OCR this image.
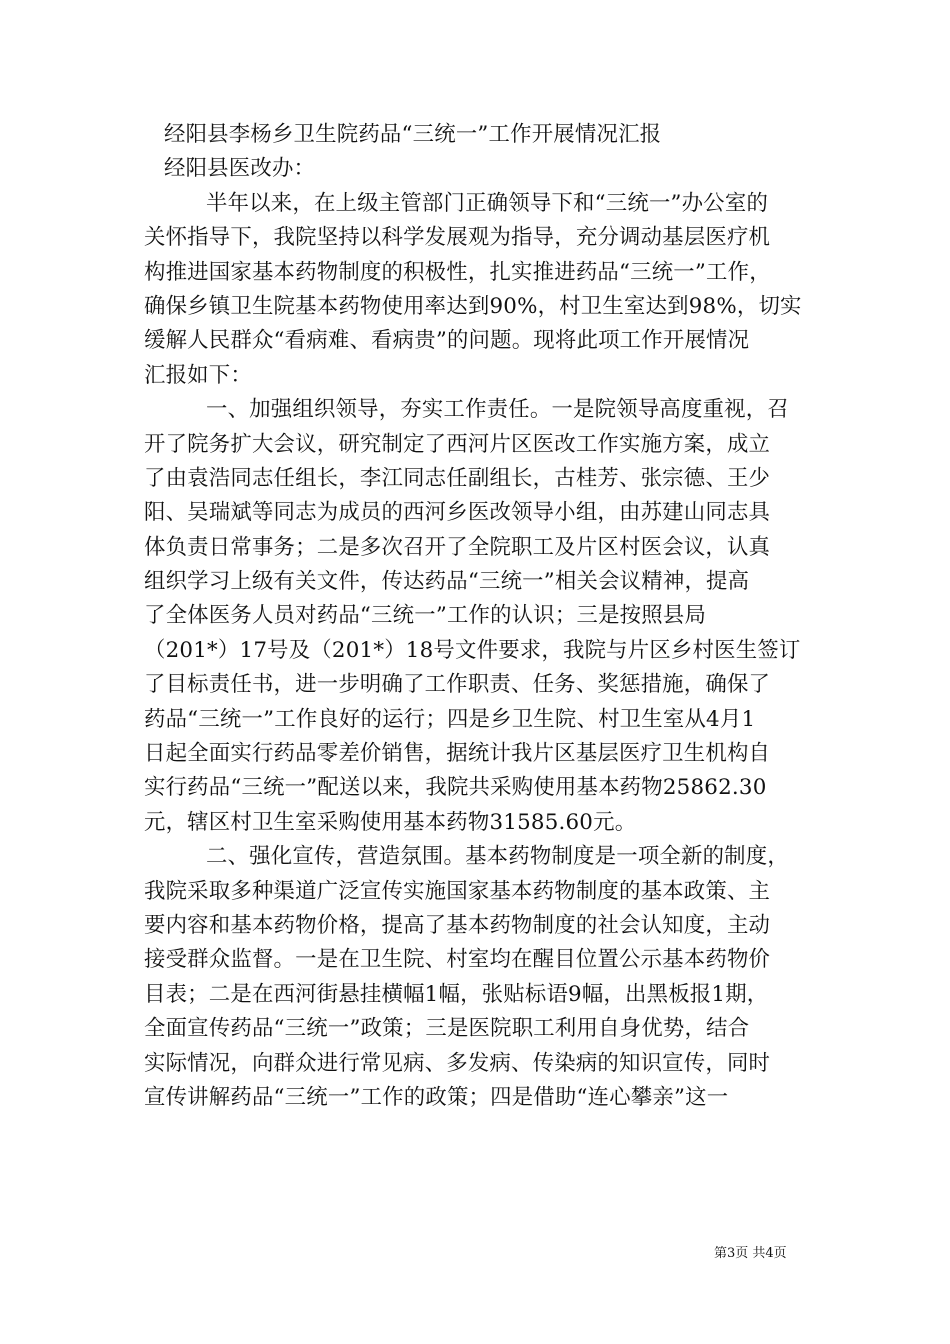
经阳县李杨乡卫生院药品“三统一”工作开展情况汇报
经阳县医改办：
半年以来，在上级主管部门正确领导下和“三统一”办公室的
关怀指导下，我院坚持以科学发展观为指导，充分调动基层医疗机
构推进国家基本药物制度的积极性，扎实推进药品“三统一”工作，
确保乡镇卫生院基本药物使用率达到90%，村卫生室达到98%，切实
缓解人民群众“看病难、看病贵”的问题。现将此项工作开展情况
汇报如下：
一、加强组织领导，夯实工作责任。一是院领导高度重视，召
开了院务扩大会议，研究制定了西河片区医改工作实施方案，成立
了由袁浩同志任组长，李江同志任副组长，古桂芳、张宗德、王少
阳、吴瑞斌等同志为成员的西河乡医改领导小组，由苏建山同志具
体负责日常事务；二是多次召开了全院职工及片区村医会议，认真
组织学习上级有关文件，传达药品“三统一”相关会议精神，提高
了全体医务人员对药品“三统一”工作的认识；三是按照县局
（201*）17号及（201*）18号文件要求，我院与片区乡村医生签订
了目标责任书，进一步明确了工作职责、任务、奖惩措施，确保了
药品“三统一”工作良好的运行；四是乡卫生院、村卫生室从4月1
日起全面实行药品零差价销售，据统计我片区基层医疗卫生机构自
实行药品“三统一”配送以来，我院共采购使用基本药物25862.30
元，辖区村卫生室采购使用基本药物31585.60元。
二、强化宣传，营造氛围。基本药物制度是一项全新的制度，
我院采取多种渠道广泛宣传实施国家基本药物制度的基本政策、主
要内容和基本药物价格，提高了基本药物制度的社会认知度，主动
接受群众监督。一是在卫生院、村室均在醒目位置公示基本药物价
目表；二是在西河街悬挂横幅1幅，张贴标语9幅，出黑板报1期，
全面宣传药品“三统一”政策；三是医院职工利用自身优势，结合
实际情况，向群众进行常见病、多发病、传染病的知识宣传，同时
宣传讲解药品“三统一”工作的政策；四是借助“连心攀亲”这一
第3页 共4页
